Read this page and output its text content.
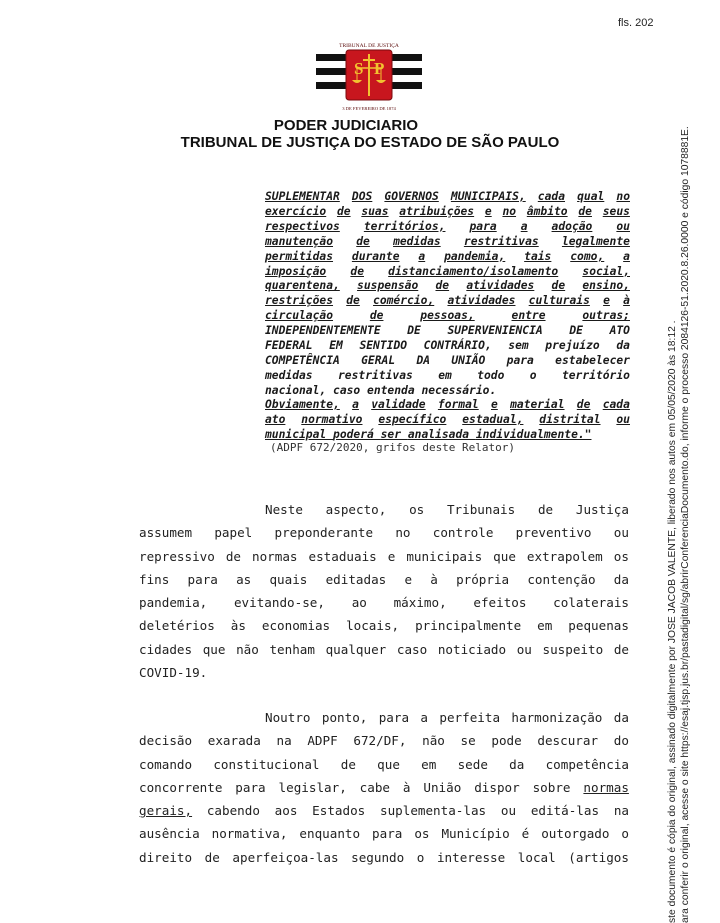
fls. 202
S P
TRIBUNAL DE JUSTIÇA
3 DE FEVEREIRO DE 1874
PODER JUDICIARIO
TRIBUNAL DE JUSTIÇA DO ESTADO DE SÃO PAULO
SUPLEMENTAR DOS GOVERNOS MUNICIPAIS, cada qual no
exercício de suas atribuições e no âmbito de seus
respectivos territórios, para a adoção ou
manutenção de medidas restritivas legalmente
permitidas durante a pandemia, tais como, a
imposição de distanciamento/isolamento social,
quarentena, suspensão de atividades de ensino,
restrições de comércio, atividades culturais e à
circulação	de	pessoas,	entre	outras;
INDEPENDENTEMENTE DE SUPERVENIENCIA DE ATO
FEDERAL EM SENTIDO CONTRÁRIO, sem prejuízo da
COMPETÊNCIA GERAL DA UNIÃO para estabelecer
medidas restritivas em todo o território
nacional, caso entenda necessário.
Obviamente, a validade formal e material de cada
ato normativo específico estadual, distrital ou
municipal poderá ser analisada individualmente."
(ADPF 672/2020, grifos deste Relator)
Neste aspecto, os Tribunais de Justiça
assumem papel preponderante no controle preventivo ou
repressivo de normas estaduais e municipais que extrapolem os
fins para as quais editadas e à própria contenção da
pandemia, evitando-se, ao máximo, efeitos colaterais
deletérios às economias locais, principalmente em pequenas
cidades que não tenham qualquer caso noticiado ou suspeito de
COVID-19.
Noutro ponto, para a perfeita harmonização da
decisão exarada na ADPF 672/DF, não se pode descurar do
comando constitucional de que em sede da competência
concorrente para legislar, cabe à União dispor sobre normas
gerais, cabendo aos Estados suplementa-las ou editá-las na
ausência normativa, enquanto para os Município é outorgado o
direito de aperfeiçoa-las segundo o interesse local (artigos	ste documento é cópia do original, assinado digitalmente por JOSE JACOB VALENTE, liberado nos autos em 05/05/2020 às 18:12 . ara conferir o original, acesse o site https://esaj.tjsp.jus.br/pastadigital/sg/abrirConferenciaDocumento.do, informe o processo 2084126-51.2020.8.26.0000 e código 1078881E.
